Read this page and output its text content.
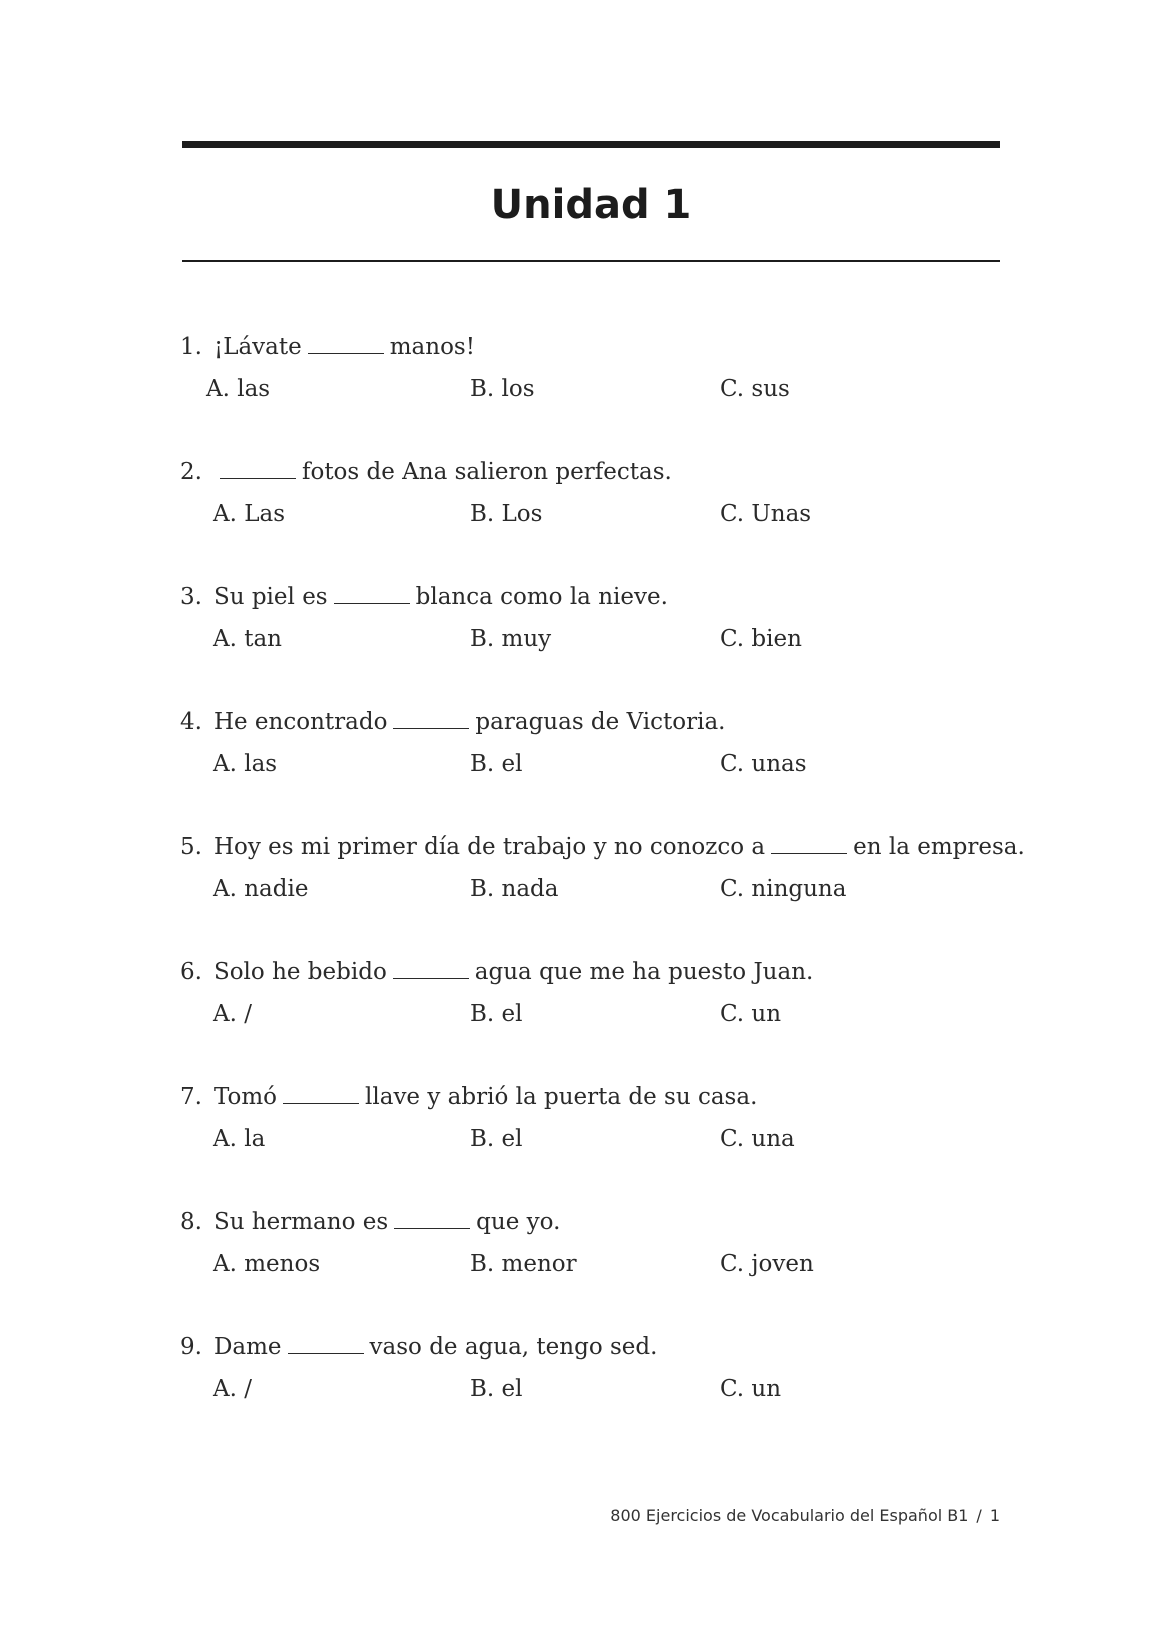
Unidad 1
1. ¡Lávate	manos!
A. las	B. los	C. sus
2.	fotos de Ana salieron perfectas.
A. Las	B. Los	C. Unas
3. Su piel es	blanca como la nieve.
A. tan	B. muy	C. bien
4. He encontrado	paraguas de Victoria.
A. las	B. el	C. unas
5. Hoy es mi primer día de trabajo y no conozco a	en la empresa.
A. nadie	B. nada	C. ninguna
6. Solo he bebido	agua que me ha puesto Juan.
A. /	B. el	C. un
7. Tomó	llave y abrió la puerta de su casa.
A. la	B. el	C. una
8. Su hermano es	que yo.
A. menos	B. menor	C. joven
9. Dame	vaso de agua, tengo sed.
A. /	B. el	C. un
800 Ejercicios de Vocabulario del Español B1 / 1
